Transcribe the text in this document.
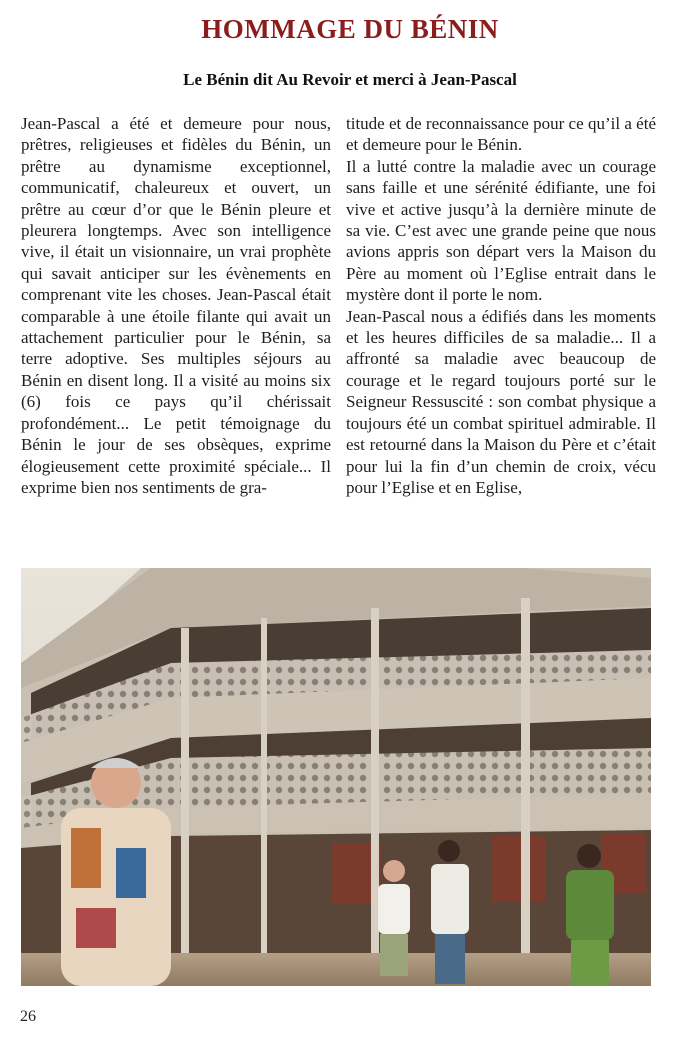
HOMMAGE DU BÉNIN
Le Bénin dit Au Revoir et merci à Jean-Pascal

Jean-Pascal a été et demeure pour nous, prêtres, religieuses et fidèles du Bénin, un prêtre au dynamisme exceptionnel, communicatif, chaleureux et ouvert, un prêtre au cœur d’or que le Bénin pleure et pleurera longtemps. Avec son intelligence vive, il était un visionnaire, un vrai prophète qui savait anticiper sur les évènements en comprenant vite les choses. Jean-Pascal était comparable à une étoile filante qui avait un attachement particulier pour le Bénin, sa terre adoptive. Ses multiples séjours au Bénin en disent long. Il a visité au moins six (6) fois ce pays qu’il chérissait profondément... Le petit témoignage du Bénin le jour de ses obsèques, exprime élogieusement cette proximité spéciale... Il exprime bien nos sentiments de gra-

titude et de reconnaissance pour ce qu’il a été et demeure pour le Bénin.

Il a lutté contre la maladie avec un courage sans faille et une sérénité édifiante, une foi vive et active jusqu’à la dernière minute de sa vie. C’est avec une grande peine que nous avions appris son départ vers la Maison du Père au moment où l’Eglise entrait dans le mystère dont il porte le nom.

Jean-Pascal nous a édifiés dans les moments et les heures difficiles de sa maladie... Il a affronté sa maladie avec beaucoup de courage et le regard toujours porté sur le Seigneur Ressuscité : son combat physique a toujours été un combat spirituel admirable. Il est retourné dans la Maison du Père et c’était pour lui la fin d’un chemin de croix, vécu pour l’Eglise et en Eglise,

26
